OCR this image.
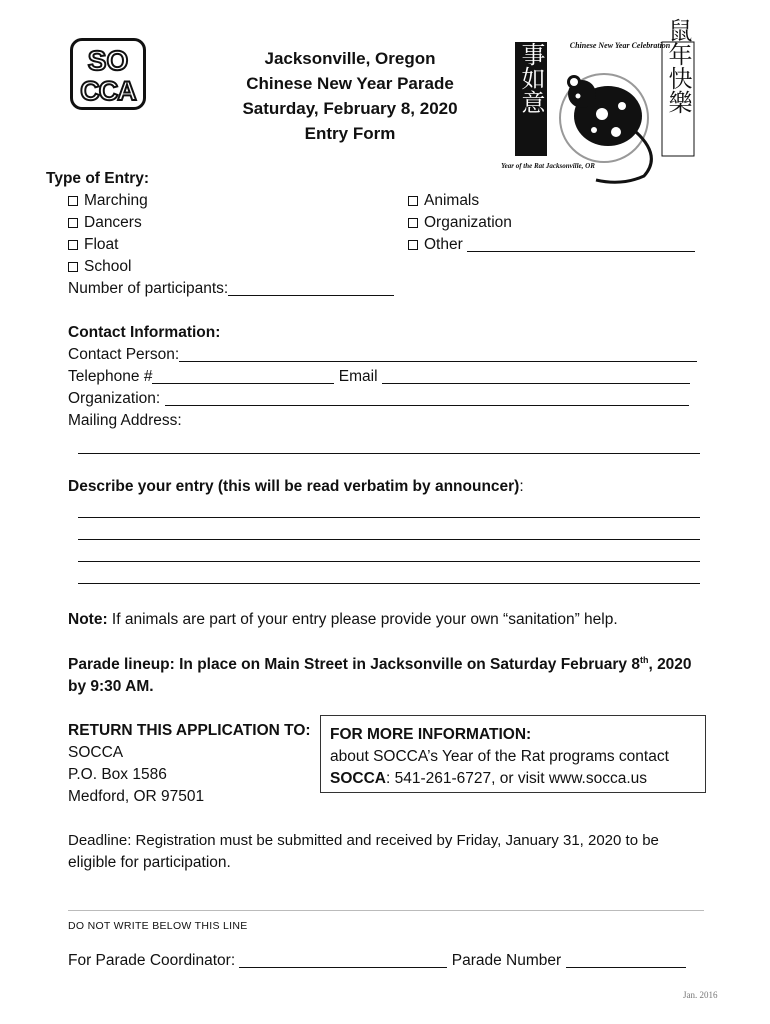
SO
CCA
Jacksonville, Oregon
Chinese New Year Parade
Saturday, February 8, 2020
Entry Form
萬事如意	鼠年快樂
Chinese New Year Celebration
Year of the Rat Jacksonville, OR
Type of Entry:
Marching
Dancers
Float
School
Animals
Organization
Other
Number of participants:
Contact Information:
Contact Person:
Telephone #	Email
Organization:
Mailing Address:
Describe your entry (this will be read verbatim by announcer):
Note: If animals are part of your entry please provide your own “sanitation” help.
Parade lineup: In place on Main Street in Jacksonville on Saturday February 8th, 2020
by 9:30 AM.
RETURN THIS APPLICATION TO:
SOCCA
P.O. Box 1586
Medford, OR 97501
FOR MORE INFORMATION:
about SOCCA’s Year of the Rat programs contact
SOCCA: 541-261-6727, or visit www.socca.us
Deadline: Registration must be submitted and received by Friday, January 31, 2020 to be
eligible for participation.
DO NOT WRITE BELOW THIS LINE
For Parade Coordinator:	Parade Number
Jan. 2016
